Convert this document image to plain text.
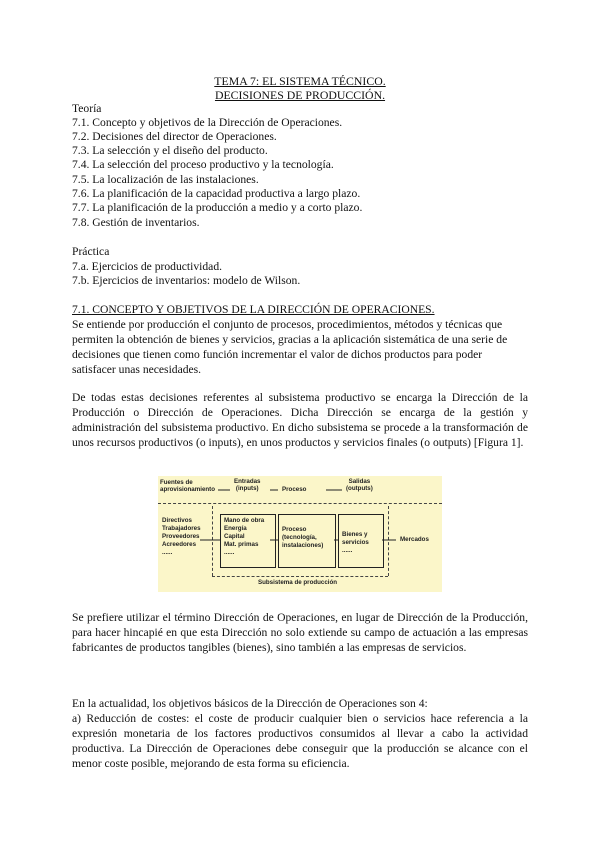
TEMA 7: EL SISTEMA TÉCNICO.
DECISIONES DE PRODUCCIÓN.
Teoría
7.1. Concepto y objetivos de la Dirección de Operaciones.
7.2. Decisiones del director de Operaciones.
7.3. La selección y el diseño del producto.
7.4. La selección del proceso productivo y la tecnología.
7.5. La localización de las instalaciones.
7.6. La planificación de la capacidad productiva a largo plazo.
7.7. La planificación de la producción a medio y a corto plazo.
7.8. Gestión de inventarios.
Práctica
7.a. Ejercicios de productividad.
7.b. Ejercicios de inventarios: modelo de Wilson.
7.1. CONCEPTO Y OBJETIVOS DE LA DIRECCIÓN DE OPERACIONES.
Se entiende por producción el conjunto de procesos, procedimientos, métodos y técnicas que permiten la obtención de bienes y servicios, gracias a la aplicación sistemática de una serie de decisiones que tienen como función incrementar el valor de dichos productos para poder satisfacer unas necesidades.
De todas estas decisiones referentes al subsistema productivo se encarga la Dirección de la Producción o Dirección de Operaciones. Dicha Dirección se encarga de la gestión y administración del subsistema productivo. En dicho subsistema se procede a la transformación de unos recursos productivos (o inputs), en unos productos y servicios finales (o outputs) [Figura 1].
Fuentes de
aprovisionamiento
Entradas
(inputs)	Proceso
Salidas
(outputs)
Directivos
Trabajadores
Proveedores
Acreedores
......
Mano de obra
Energía
Capital
Mat. primas
......
Proceso
(tecnología,
instalaciones)
Bienes y
servicios
......
Mercados
Subsistema de producción
Se prefiere utilizar el término Dirección de Operaciones, en lugar de Dirección de la Producción, para hacer hincapié en que esta Dirección no solo extiende su campo de actuación a las empresas fabricantes de productos tangibles (bienes), sino también a las empresas de servicios.
En la actualidad, los objetivos básicos de la Dirección de Operaciones son 4:
a) Reducción de costes: el coste de producir cualquier bien o servicios hace referencia a la expresión monetaria de los factores productivos consumidos al llevar a cabo la actividad productiva. La Dirección de Operaciones debe conseguir que la producción se alcance con el menor coste posible, mejorando de esta forma su eficiencia.
